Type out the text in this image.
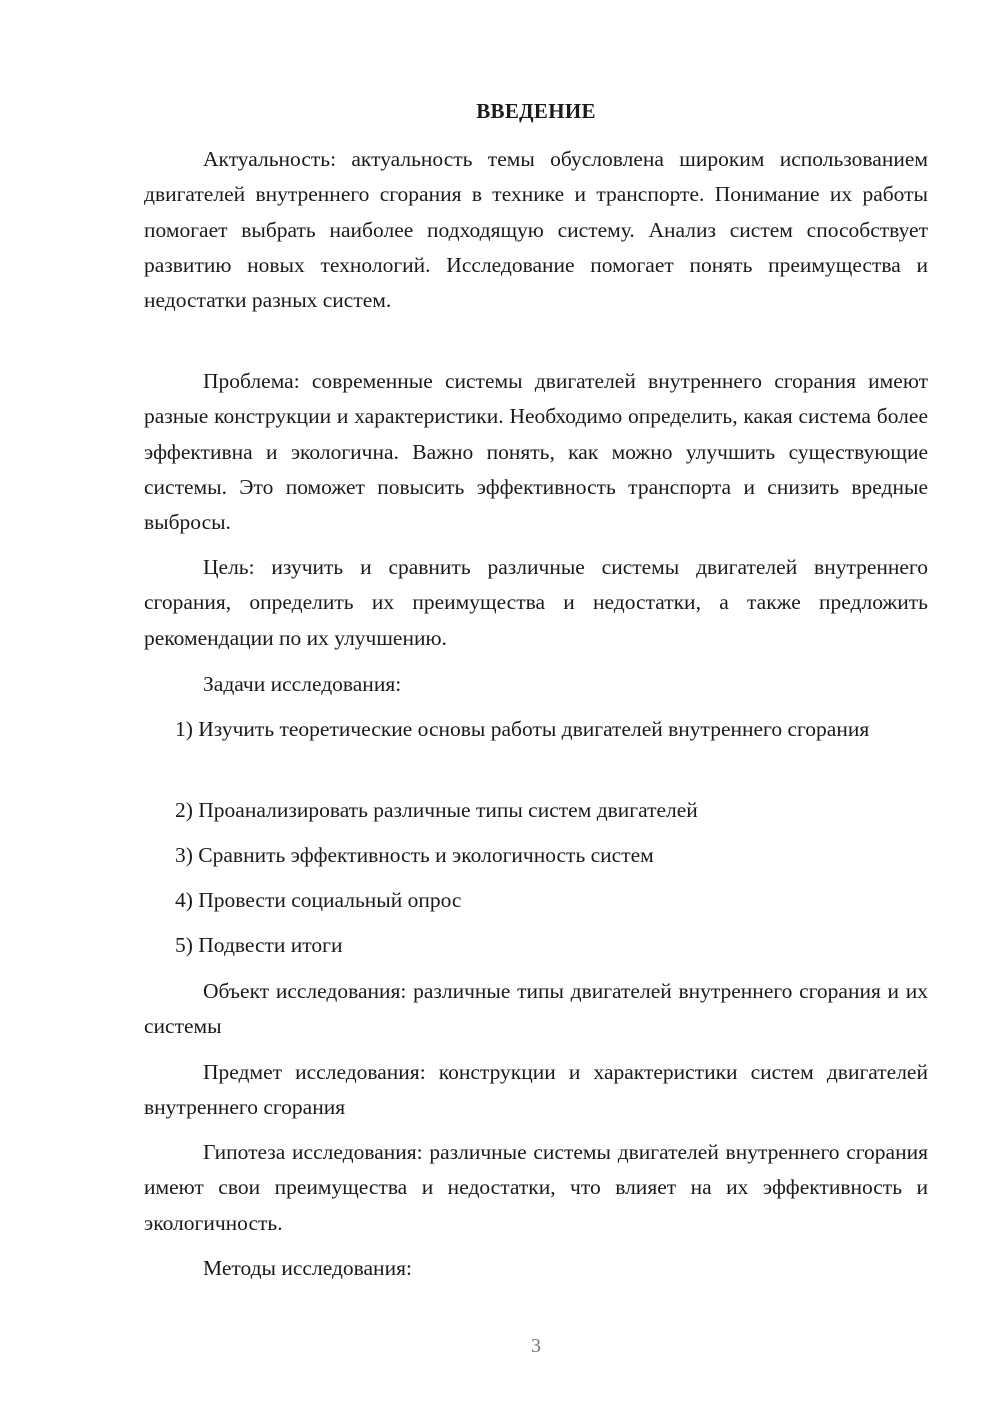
ВВЕДЕНИЕ

Актуальность: актуальность темы обусловлена широким использованием двигателей внутреннего сгорания в технике и транспорте. Понимание их работы помогает выбрать наиболее подходящую систему. Анализ систем способствует развитию новых технологий. Исследование помогает понять преимущества и недостатки разных систем.

Проблема: современные системы двигателей внутреннего сгорания имеют разные конструкции и характеристики. Необходимо определить, какая система более эффективна и экологична. Важно понять, как можно улучшить существующие системы. Это поможет повысить эффективность транспорта и снизить вредные выбросы.

Цель: изучить и сравнить различные системы двигателей внутреннего сгорания, определить их преимущества и недостатки, а также предложить рекомендации по их улучшению.

Задачи исследования:

1) Изучить теоретические основы работы двигателей внутреннего сгорания

2) Проанализировать различные типы систем двигателей

3) Сравнить эффективность и экологичность систем

4) Провести социальный опрос

5) Подвести итоги

Объект исследования: различные типы двигателей внутреннего сгорания и их системы

Предмет исследования: конструкции и характеристики систем двигателей внутреннего сгорания

Гипотеза исследования: различные системы двигателей внутреннего сгорания имеют свои преимущества и недостатки, что влияет на их эффективность и экологичность.

Методы исследования:

3
